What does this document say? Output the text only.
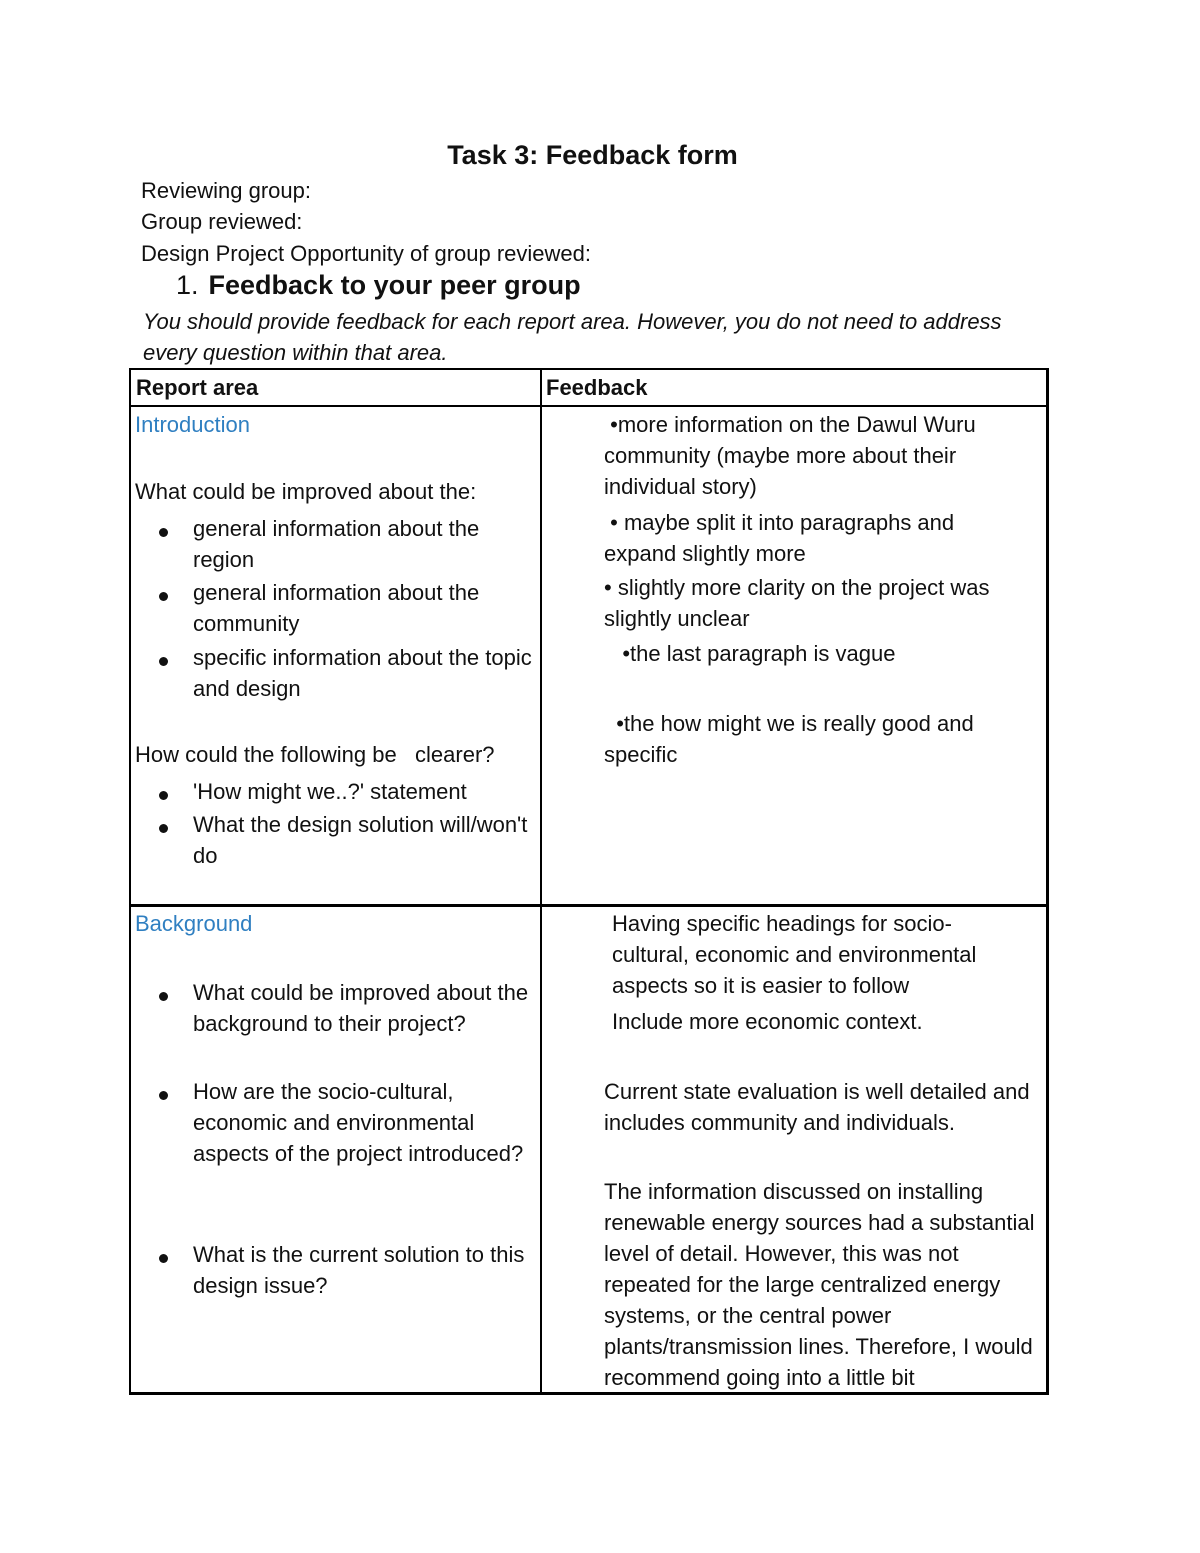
Task 3: Feedback form
Reviewing group:
Group reviewed:
Design Project Opportunity of group reviewed:
1. Feedback to your peer group
You should provide feedback for each report area. However, you do not need to address every question within that area.
Report area	Feedback
Introduction
What could be improved about the:
general information about the region
general information about the community
specific information about the topic and design
How could the following be   clearer?
'How might we..?' statement
What the design solution will/won't do
•more information on the Dawul Wuru community (maybe more about their individual story)
• maybe split it into paragraphs and expand slightly more
• slightly more clarity on the project was slightly unclear
•the last paragraph is vague
•the how might we is really good and specific
Background
What could be improved about the background to their project?
How are the socio-cultural, economic and environmental aspects of the project introduced?
What is the current solution to this design issue?
Having specific headings for socio-cultural, economic and environmental aspects so it is easier to follow
Include more economic context.
Current state evaluation is well detailed and includes community and individuals.
The information discussed on installing renewable energy sources had a substantial level of detail. However, this was not repeated for the large centralized energy systems, or the central power plants/transmission lines. Therefore, I would recommend going into a little bit
